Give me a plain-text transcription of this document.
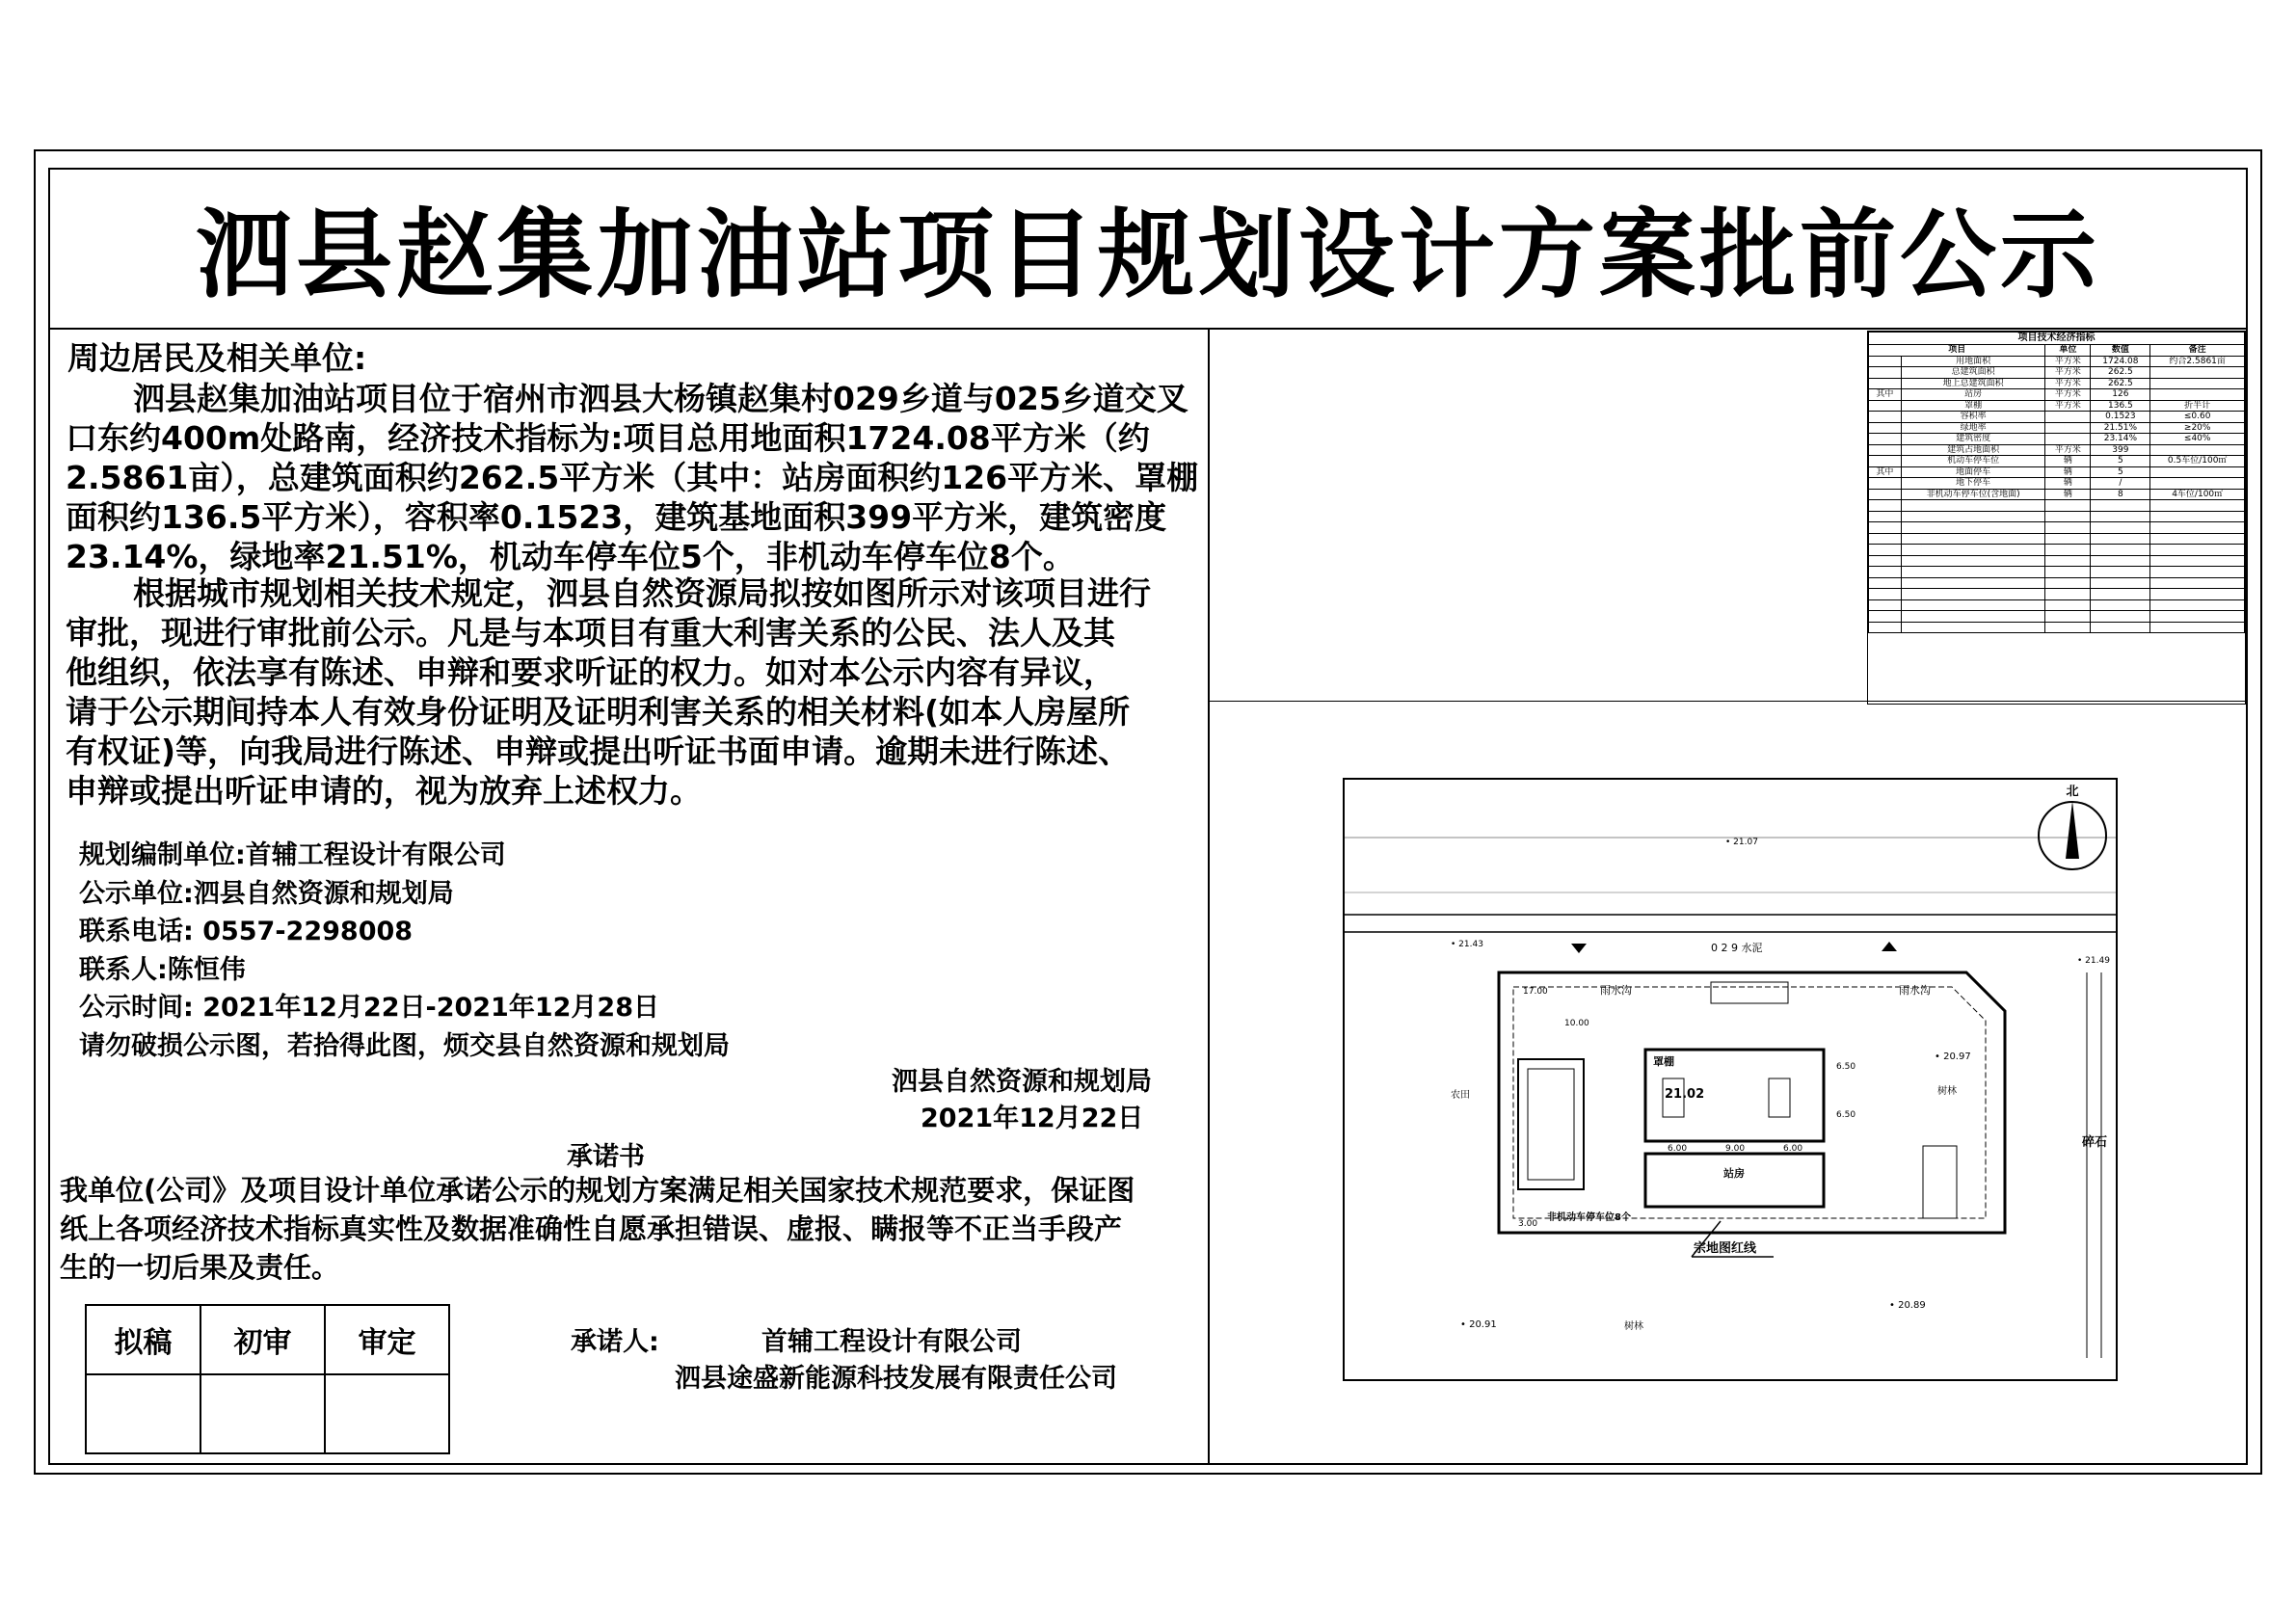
泗县赵集加油站项目规划设计方案批前公示
周边居民及相关单位:
泗县赵集加油站项目位于宿州市泗县大杨镇赵集村029乡道与025乡道交叉
口东约400m处路南，经济技术指标为:项目总用地面积1724.08平方米（约
2.5861亩），总建筑面积约262.5平方米（其中：站房面积约126平方米、罩棚
面积约136.5平方米），容积率0.1523，建筑基地面积399平方米，建筑密度
23.14%，绿地率21.51%，机动车停车位5个，非机动车停车位8个。
根据城市规划相关技术规定，泗县自然资源局拟按如图所示对该项目进行
审批，现进行审批前公示。凡是与本项目有重大利害关系的公民、法人及其
他组织，依法享有陈述、申辩和要求听证的权力。如对本公示内容有异议，
请于公示期间持本人有效身份证明及证明利害关系的相关材料(如本人房屋所
有权证)等，向我局进行陈述、申辩或提出听证书面申请。逾期未进行陈述、
申辩或提出听证申请的，视为放弃上述权力。
规划编制单位:首辅工程设计有限公司
公示单位:泗县自然资源和规划局
联系电话: 0557-2298008
联系人:陈恒伟
公示时间: 2021年12月22日-2021年12月28日
请勿破损公示图，若拾得此图，烦交县自然资源和规划局
泗县自然资源和规划局
2021年12月22日
承诺书
我单位(公司》及项目设计单位承诺公示的规划方案满足相关国家技术规范要求，保证图
纸上各项经济技术指标真实性及数据准确性自愿承担错误、虚报、瞒报等不正当手段产
生的一切后果及责任。
拟稿	初审	审定
			承诺人:	首辅工程设计有限公司
泗县途盛新能源科技发展有限责任公司
项目技术经济指标				
项目		单位	数值	备注
	用地面积	平方米	1724.08	约合2.5861亩
	总建筑面积	平方米	262.5	
	地上总建筑面积	平方米	262.5	
其中	站房	平方米	126	
	罩棚	平方米	136.5	折半计
	容积率		0.1523	≤0.60
	绿地率		21.51%	≥20%
	建筑密度		23.14%	≤40%
	建筑占地面积	平方米	399	
	机动车停车位	辆	5	0.5车位/100㎡
其中	地面停车	辆	5	
	地下停车	辆	/	
	非机动车停车位(含地面)	辆	8	4车位/100㎡

北
0 2 9 水泥
• 21.43
• 21.49
• 21.07
雨水沟	雨水沟
罩棚
21.02
站房
非机动车停车位8个
宗地图红线
农田	树林
树林
碎石
• 20.97
• 20.91
• 20.89
17.00
6.00	9.00	6.00
6.50
6.50
3.00
10.00
